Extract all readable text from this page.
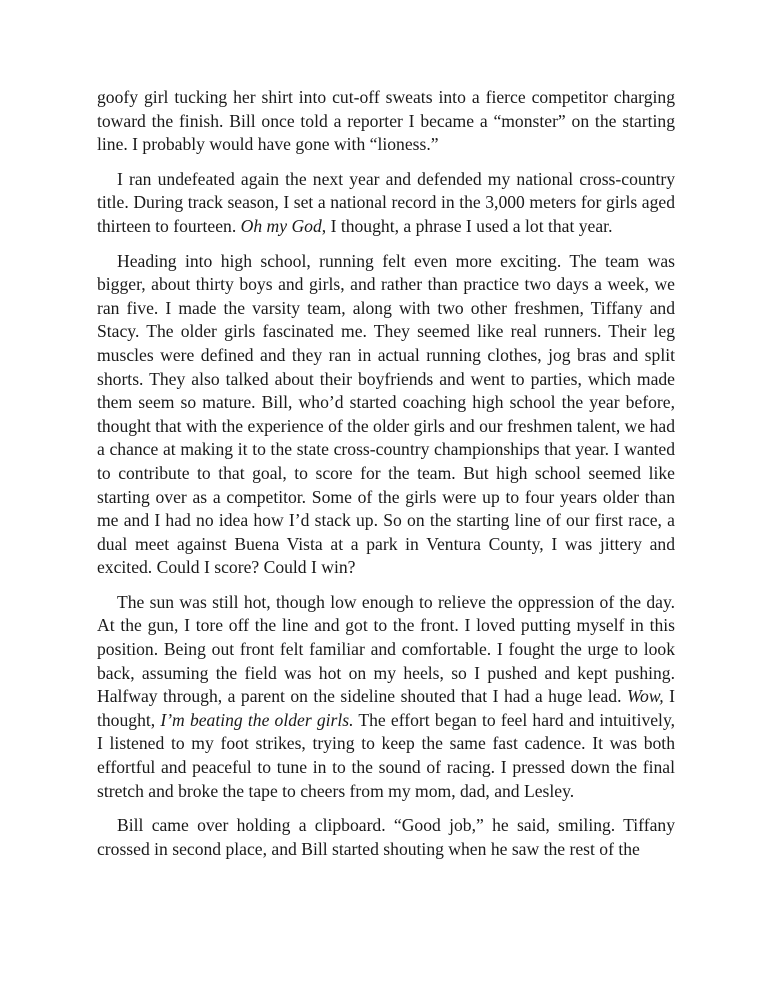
goofy girl tucking her shirt into cut-off sweats into a fierce competitor charging toward the finish. Bill once told a reporter I became a “monster” on the starting line. I probably would have gone with “lioness.”

I ran undefeated again the next year and defended my national cross-country title. During track season, I set a national record in the 3,000 meters for girls aged thirteen to fourteen. Oh my God, I thought, a phrase I used a lot that year.

Heading into high school, running felt even more exciting. The team was bigger, about thirty boys and girls, and rather than practice two days a week, we ran five. I made the varsity team, along with two other freshmen, Tiffany and Stacy. The older girls fascinated me. They seemed like real runners. Their leg muscles were defined and they ran in actual running clothes, jog bras and split shorts. They also talked about their boyfriends and went to parties, which made them seem so mature. Bill, who’d started coaching high school the year before, thought that with the experience of the older girls and our freshmen talent, we had a chance at making it to the state cross-country championships that year. I wanted to contribute to that goal, to score for the team. But high school seemed like starting over as a competitor. Some of the girls were up to four years older than me and I had no idea how I’d stack up. So on the starting line of our first race, a dual meet against Buena Vista at a park in Ventura County, I was jittery and excited. Could I score? Could I win?

The sun was still hot, though low enough to relieve the oppression of the day. At the gun, I tore off the line and got to the front. I loved putting myself in this position. Being out front felt familiar and comfortable. I fought the urge to look back, assuming the field was hot on my heels, so I pushed and kept pushing. Halfway through, a parent on the sideline shouted that I had a huge lead. Wow, I thought, I’m beating the older girls. The effort began to feel hard and intuitively, I listened to my foot strikes, trying to keep the same fast cadence. It was both effortful and peaceful to tune in to the sound of racing. I pressed down the final stretch and broke the tape to cheers from my mom, dad, and Lesley.

Bill came over holding a clipboard. “Good job,” he said, smiling. Tiffany crossed in second place, and Bill started shouting when he saw the rest of the
